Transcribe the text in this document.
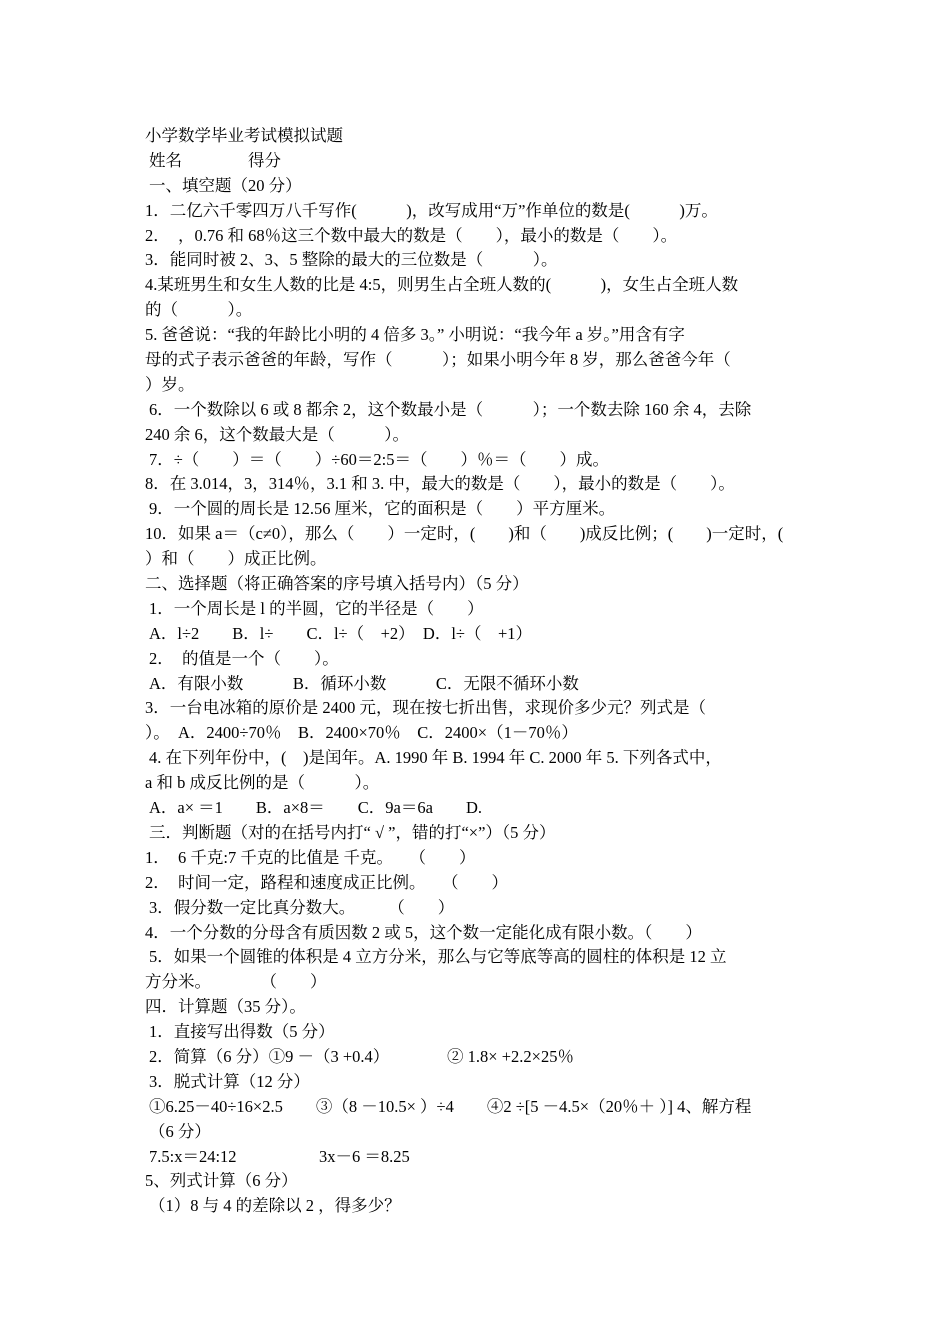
小学数学毕业考试模拟试题
姓名　　　　得分
一、填空题（20 分）
1．二亿六千零四万八千写作(　　　)，改写成用“万”作单位的数是(　　　)万。
2．　，0.76 和 68％这三个数中最大的数是（　　），最小的数是（　　）。
3．能同时被 2、3、5 整除的最大的三位数是（　　　）。
4.某班男生和女生人数的比是 4:5，则男生占全班人数的(　　　)，女生占全班人数
的（　　　）。
5. 爸爸说：“我的年龄比小明的 4 倍多 3。” 小明说：“我今年 a 岁。”用含有字
母的式子表示爸爸的年龄，写作（　　　）；如果小明今年 8 岁，那么爸爸今年（
）岁。
6．一个数除以 6 或 8 都余 2，这个数最小是（　　　）；一个数去除 160 余 4，去除
240 余 6，这个数最大是（　　　）。
7．÷（　　）＝（　　）÷60＝2:5＝（　　）％＝（　　）成。
8．在 3.014，3，314％，3.1 和 3. 中，最大的数是（　　），最小的数是（　　）。
9．一个圆的周长是 12.56 厘米，它的面积是（　　）平方厘米。
10．如果 a＝（c≠0），那么（　　）一定时，(　　)和（　　)成反比例；(　　)一定时，(
）和（　　）成正比例。
二、选择题（将正确答案的序号填入括号内）（5 分）
1．一个周长是 l 的半圆，它的半径是（　　）
A．l÷2　　B．l÷　　C．l÷（　+2）　D．l÷（　+1）
2．　的值是一个（　　）。
A．有限小数　　　B．循环小数　　　C．无限不循环小数
3．一台电冰箱的原价是 2400 元，现在按七折出售，求现价多少元？列式是（
）。　A．2400÷70％　B．2400×70％　C．2400×（1－70％）
4. 在下列年份中，(　)是闰年。A. 1990 年 B. 1994 年 C. 2000 年 5. 下列各式中，
a 和 b 成反比例的是（　　　）。
A．a× ＝1　　B．a×8＝　　C．9a＝6a　　D.
三．判断题（对的在括号内打“ √ ”，错的打“×”）（5 分）
1．　6 千克:7 千克的比值是 千克。　　（　　）
2．　时间一定，路程和速度成正比例。　　（　　）
3．假分数一定比真分数大。　　　（　　）
4．一个分数的分母含有质因数 2 或 5，这个数一定能化成有限小数。（　　）
5．如果一个圆锥的体积是 4 立方分米，那么与它等底等高的圆柱的体积是 12 立
方分米。　　　　（　　）
四．计算题（35 分）。
1．直接写出得数（5 分）
2．简算（6 分）①9 －（3 +0.4）　　　　② 1.8× +2.2×25％
3．脱式计算（12 分）
①6.25－40÷16×2.5　　③（8 －10.5× ）÷4　　④2 ÷[5 －4.5×（20％＋ ）] 4、解方程
（6 分）
7.5:x＝24:12　　　　　3x－6 ＝8.25
5、列式计算（6 分）
（1）8 与 4 的差除以 2 ，得多少？
